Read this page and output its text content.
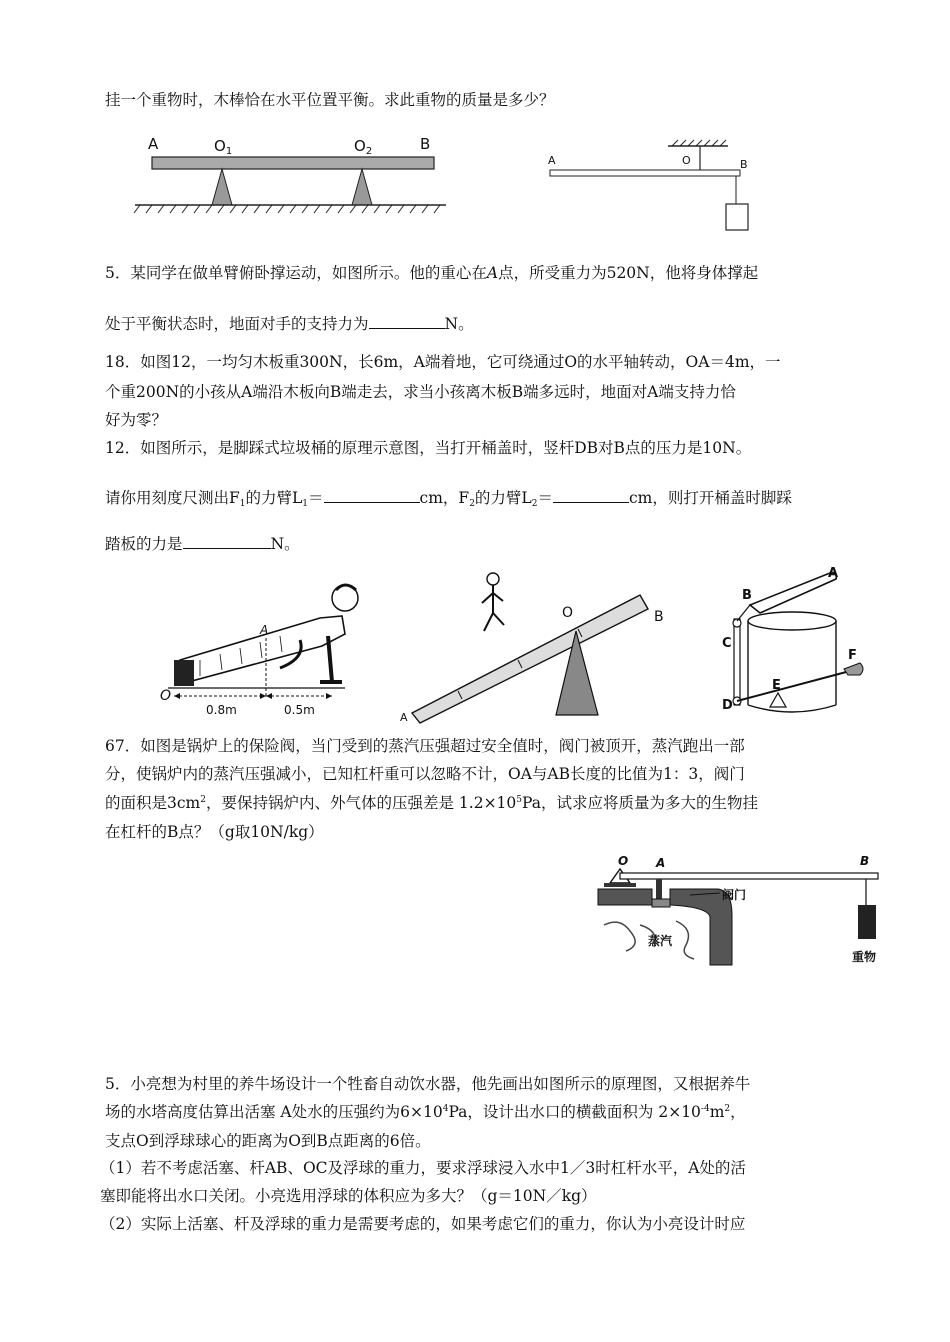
挂一个重物时，木棒恰在水平位置平衡。求此重物的质量是多少？
A	$O_1$	$O_2$	B
A	O	B
5．某同学在做单臂俯卧撑运动，如图所示。他的重心在A点，所受重力为520N，他将身体撑起
处于平衡状态时，地面对手的支持力为	N。
18．如图12，一均匀木板重300N，长6m，A端着地，它可绕通过O的水平轴转动，OA＝4m，一
个重200N的小孩从A端沿木板向B端走去，求当小孩离木板B端多远时，地面对A端支持力恰
好为零？
12．如图所示，是脚踩式垃圾桶的原理示意图，当打开桶盖时，竖杆DB对B点的压力是10N。
请你用刻度尺测出$F_1$的力臂$L_1=$	cm，$F_2$的力臂$L_2=$	cm，则打开桶盖时脚踩
踏板的力是	N。
A
O
0.8m	0.5m
A
O	B
A
B
C
D
E
F
67．如图是锅炉上的保险阀，当门受到的蒸汽压强超过安全值时，阀门被顶开，蒸汽跑出一部
分，使锅炉内的蒸汽压强减小，已知杠杆重可以忽略不计，OA与AB长度的比值为1：3，阀门
的面积是$3cm^2$，要保持锅炉内、外气体的压强差是 $1.2\times 10^5Pa$，试求应将质量为多大的生物挂
在杠杆的B点？（g取10N/kg）
O A	B
阀门
蒸汽
重物
5．小亮想为村里的养牛场设计一个牲畜自动饮水器，他先画出如图所示的原理图，又根据养牛
场的水塔高度估算出活塞 A处水的压强约为$6\times 10^4Pa$，设计出水口的横截面积为 $2\times 10^{-4}m^2$，
支点O到浮球球心的距离为O到B点距离的6倍。
（1）若不考虑活塞、杆AB、OC及浮球的重力，要求浮球浸入水中1／3时杠杆水平，A处的活
塞即能将出水口关闭。小亮选用浮球的体积应为多大？（g＝10N／kg）
（2）实际上活塞、杆及浮球的重力是需要考虑的，如果考虑它们的重力，你认为小亮设计时应
